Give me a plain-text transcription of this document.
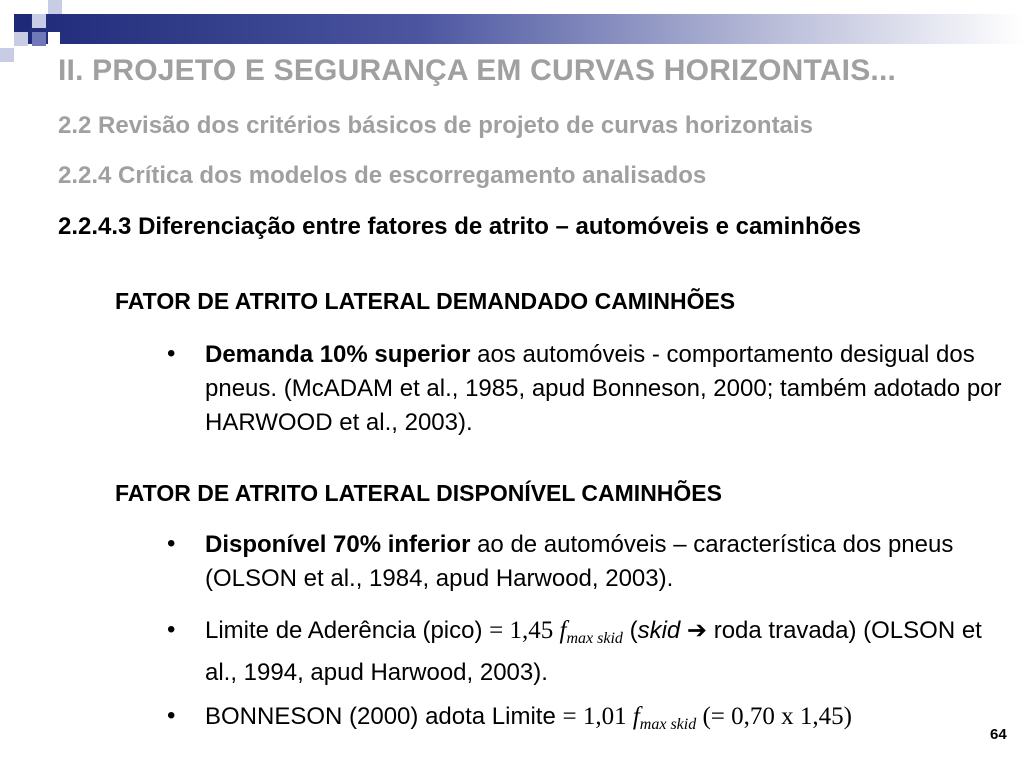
II. PROJETO E SEGURANÇA EM CURVAS HORIZONTAIS...
2.2 Revisão dos critérios básicos de projeto de curvas horizontais
2.2.4 Crítica dos modelos de escorregamento analisados
2.2.4.3 Diferenciação entre fatores de atrito – automóveis e caminhões
FATOR DE ATRITO LATERAL DEMANDADO CAMINHÕES
• Demanda 10% superior aos automóveis - comportamento desigual dos pneus. (McADAM et al., 1985, apud Bonneson, 2000; também adotado por HARWOOD et al., 2003).
FATOR DE ATRITO LATERAL DISPONÍVEL CAMINHÕES
• Disponível 70% inferior ao de automóveis – característica dos pneus (OLSON et al., 1984, apud Harwood, 2003).
• Limite de Aderência (pico) = 1,45 $f_{max skid}$ (skid ➔ roda travada) (OLSON et al., 1994, apud Harwood, 2003).
• BONNESON (2000) adota Limite = 1,01 $f_{max skid}$ (= 0,70 x 1,45)
64
